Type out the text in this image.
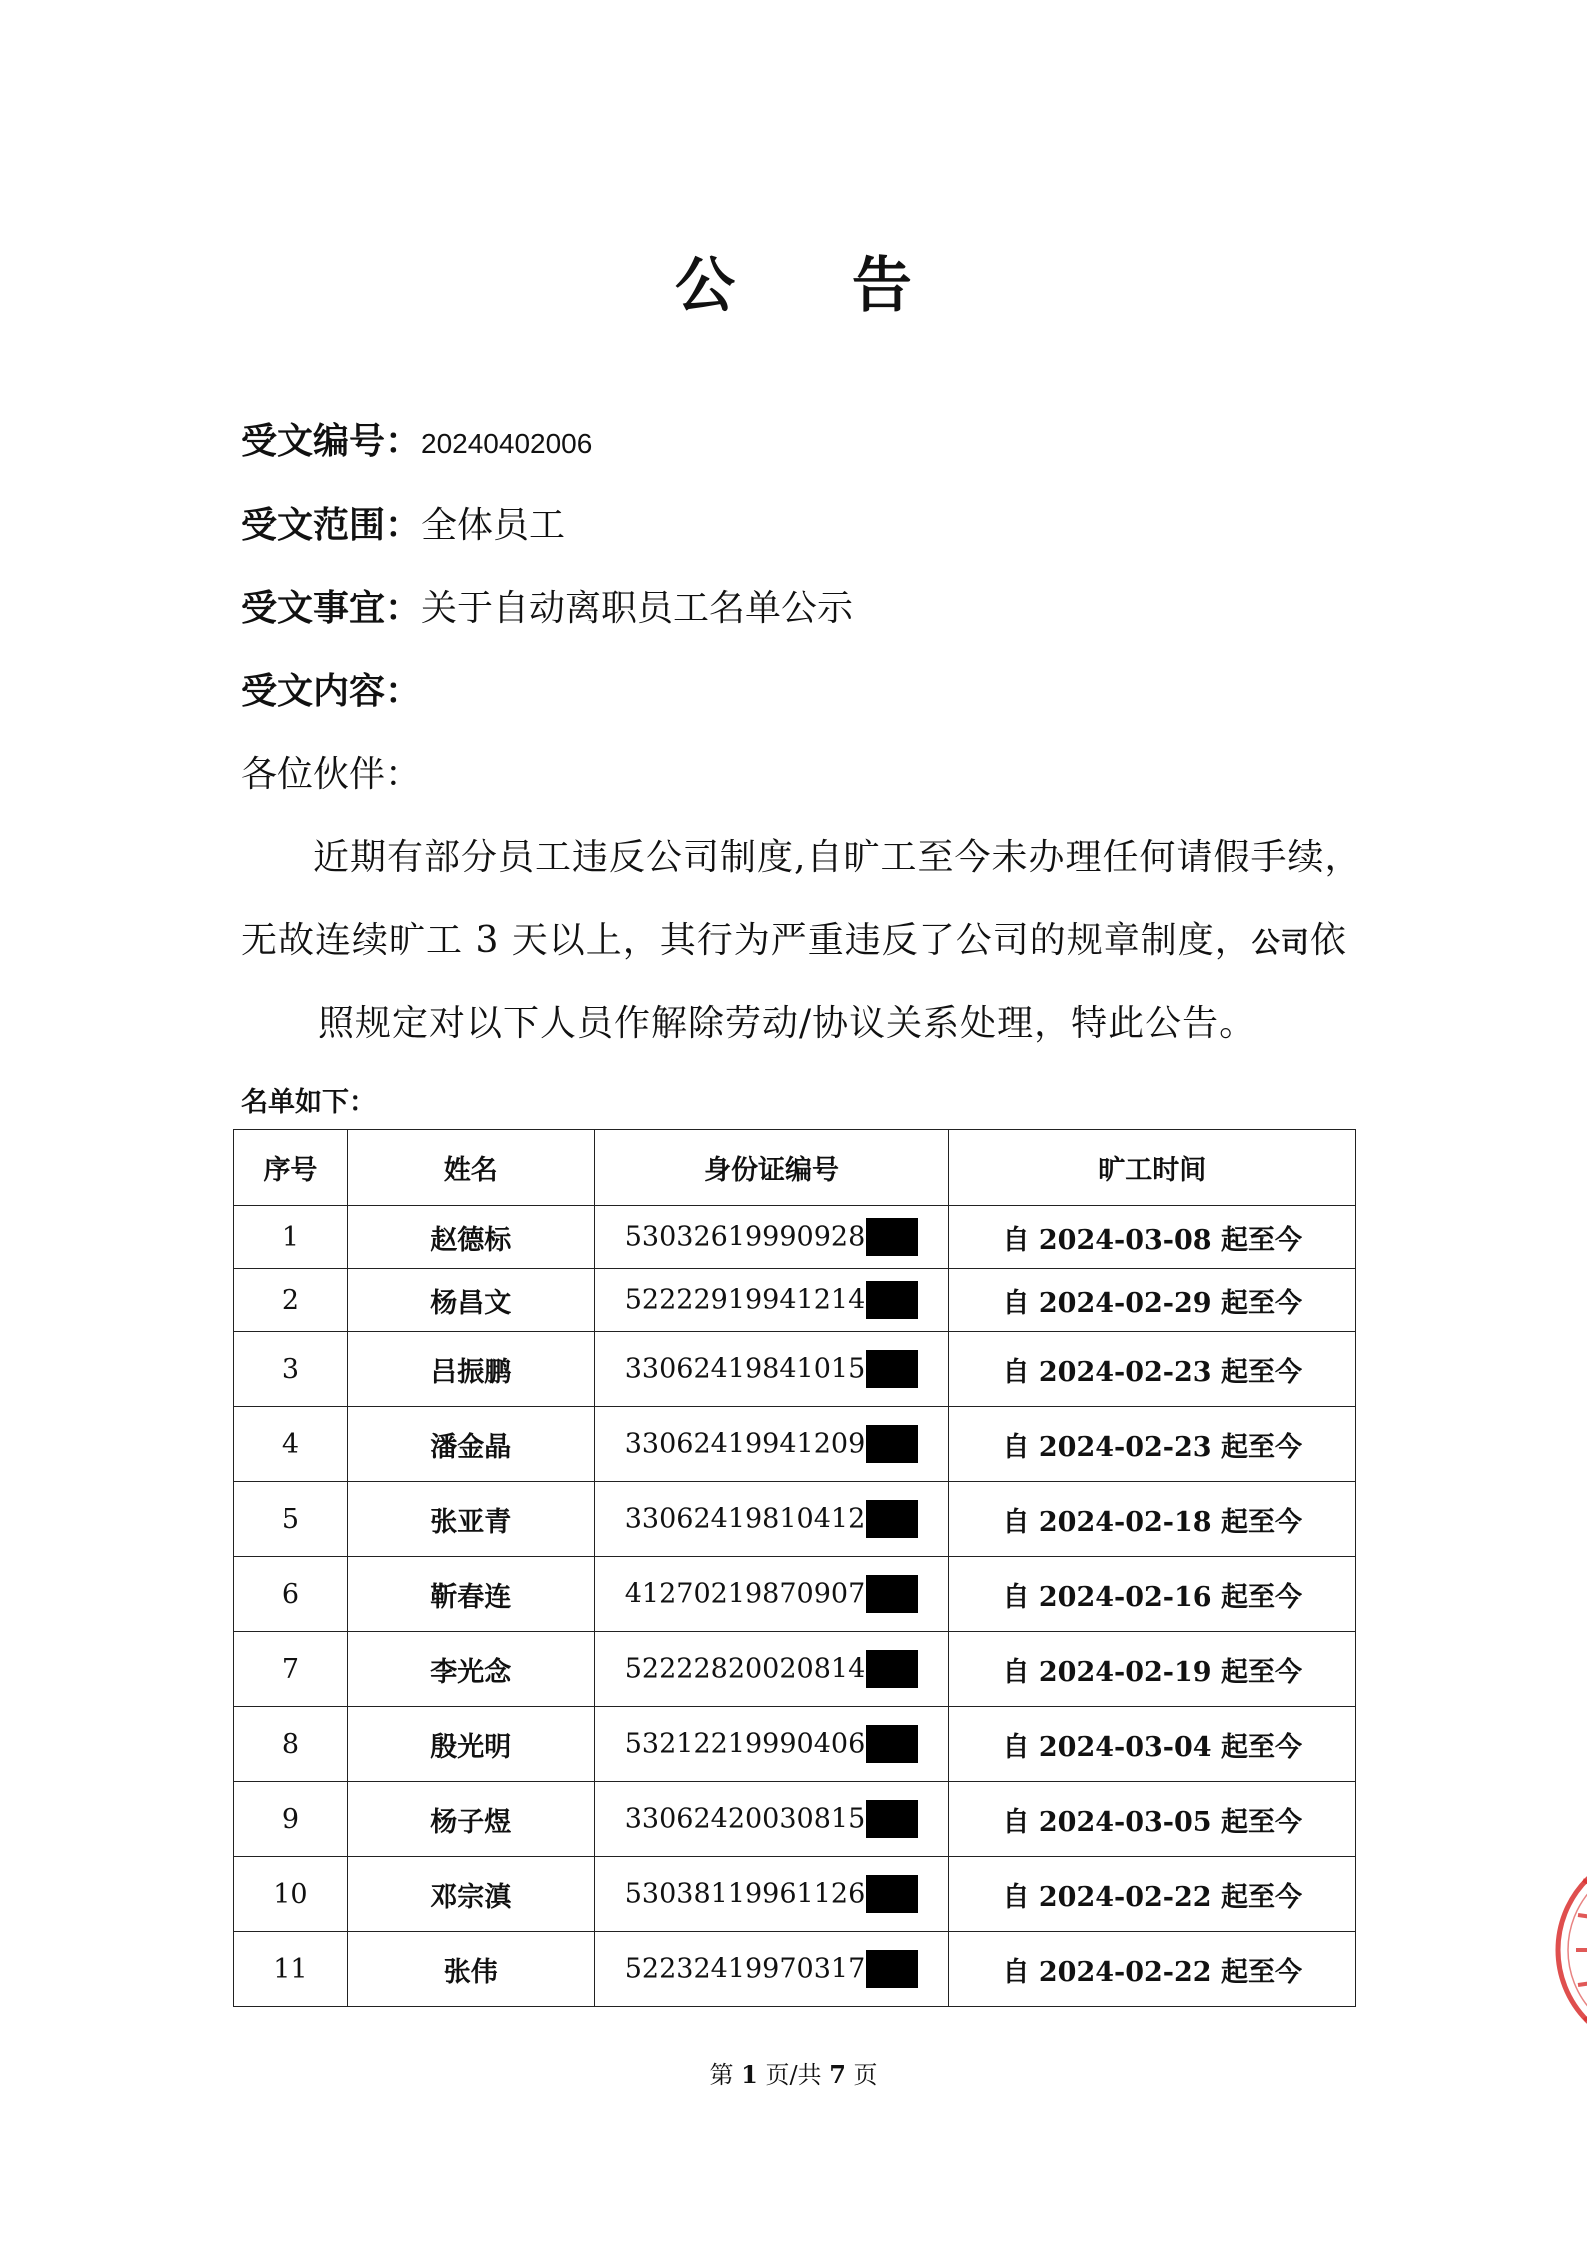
公 告
受文编号：20240402006
受文范围：全体员工
受文事宜：关于自动离职员工名单公示
受文内容：
各位伙伴：
近期有部分员工违反公司制度,自旷工至今未办理任何请假手续，
无故连续旷工 3 天以上，其行为严重违反了公司的规章制度，公司依
照规定对以下人员作解除劳动/协议关系处理，特此公告。
名单如下：
序号	姓名	身份证编号	旷工时间
1	赵德标	53032619990928	自 2024-03-08 起至今
2	杨昌文	52222919941214	自 2024-02-29 起至今
3	吕振鹏	33062419841015	自 2024-02-23 起至今
4	潘金晶	33062419941209	自 2024-02-23 起至今
5	张亚青	33062419810412	自 2024-02-18 起至今
6	靳春连	41270219870907	自 2024-02-16 起至今
7	李光念	52222820020814	自 2024-02-19 起至今
8	殷光明	53212219990406	自 2024-03-04 起至今
9	杨子煜	33062420030815	自 2024-03-05 起至今
10	邓宗滇	53038119961126	自 2024-02-22 起至今
11	张伟	52232419970317	自 2024-02-22 起至今
第 1 页/共 7 页
